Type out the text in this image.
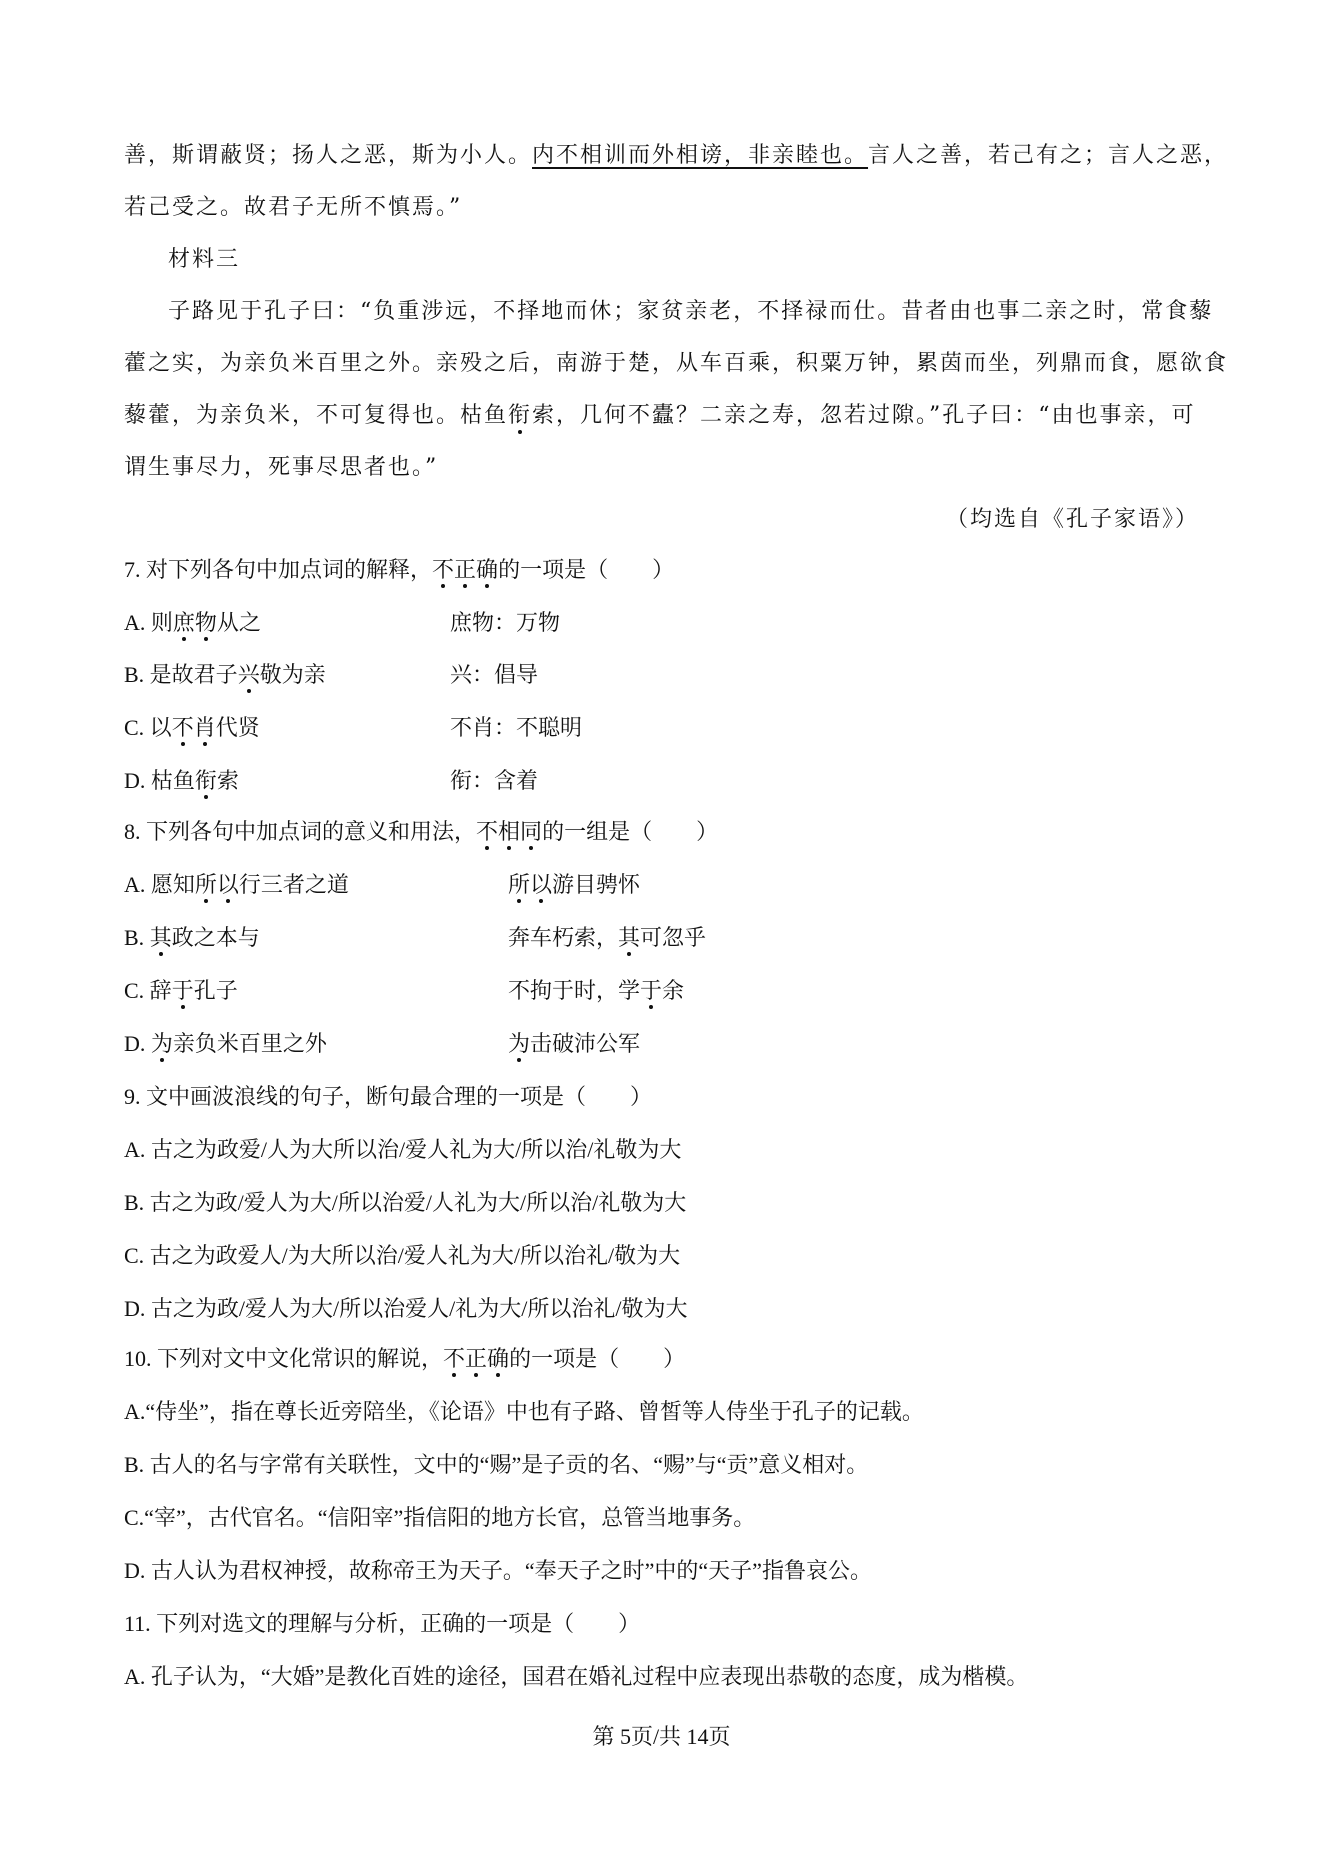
善，斯谓蔽贤；扬人之恶，斯为小人。内不相训而外相谤，非亲睦也。言人之善，若己有之；言人之恶，
若己受之。故君子无所不慎焉。”
材料三
子路见于孔子曰：“负重涉远，不择地而休；家贫亲老，不择禄而仕。昔者由也事二亲之时，常食藜
藿之实，为亲负米百里之外。亲殁之后，南游于楚，从车百乘，积粟万钟，累茵而坐，列鼎而食，愿欲食
藜藿，为亲负米，不可复得也。枯鱼衔索，几何不蠹？二亲之寿，忽若过隙。”孔子曰：“由也事亲，可
谓生事尽力，死事尽思者也。”
（均选自《孔子家语》）
7. 对下列各句中加点词的解释，不正确的一项是（　　）
A. 则庶物从之	庶物：万物
B. 是故君子兴敬为亲	兴：倡导
C. 以不肖代贤	不肖：不聪明
D. 枯鱼衔索	衔：含着
8. 下列各句中加点词的意义和用法，不相同的一组是（　　）
A. 愿知所以行三者之道	所以游目骋怀
B. 其政之本与	奔车朽索，其可忽乎
C. 辞于孔子	不拘于时，学于余
D. 为亲负米百里之外	为击破沛公军
9. 文中画波浪线的句子，断句最合理的一项是（　　）
A. 古之为政爱/人为大所以治/爱人礼为大/所以治/礼敬为大
B. 古之为政/爱人为大/所以治爱/人礼为大/所以治/礼敬为大
C. 古之为政爱人/为大所以治/爱人礼为大/所以治礼/敬为大
D. 古之为政/爱人为大/所以治爱人/礼为大/所以治礼/敬为大
10. 下列对文中文化常识的解说，不正确的一项是（　　）
A.“侍坐”，指在尊长近旁陪坐，《论语》中也有子路、曾皙等人侍坐于孔子的记载。
B. 古人的名与字常有关联性，文中的“赐”是子贡的名、“赐”与“贡”意义相对。
C.“宰”，古代官名。“信阳宰”指信阳的地方长官，总管当地事务。
D. 古人认为君权神授，故称帝王为天子。“奉天子之时”中的“天子”指鲁哀公。
11. 下列对选文的理解与分析，正确的一项是（　　）
A. 孔子认为，“大婚”是教化百姓的途径，国君在婚礼过程中应表现出恭敬的态度，成为楷模。
第 5页/共 14页
